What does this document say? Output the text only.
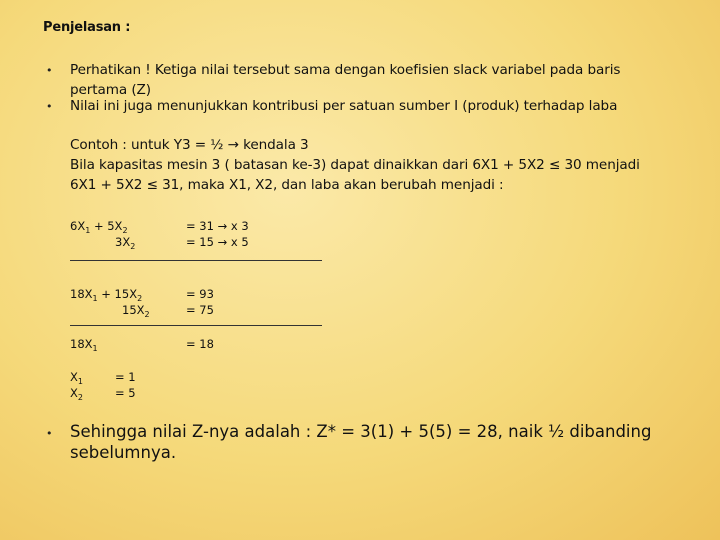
Penjelasan :
• Perhatikan ! Ketiga nilai tersebut sama dengan koefisien slack variabel pada baris pertama (Z)
• Nilai ini juga menunjukkan kontribusi per satuan sumber I (produk) terhadap laba
Contoh : untuk Y3 = ½ → kendala 3
Bila kapasitas mesin 3 ( batasan ke-3) dapat dinaikkan dari 6X1 + 5X2 ≤ 30 menjadi 6X1 + 5X2 ≤ 31, maka X1, X2, dan laba akan berubah menjadi :
$6X_1 + 5X_2$	= 31 → x 3
$3X_2$	= 15 → x 5
$18X_1 + 15X_2$	= 93
$15X_2$	= 75
$18X_1$	= 18
$X_1$	= 1
$X_2$	= 5
• Sehingga nilai Z-nya adalah : Z* = 3(1) + 5(5) = 28, naik ½ dibanding sebelumnya.
